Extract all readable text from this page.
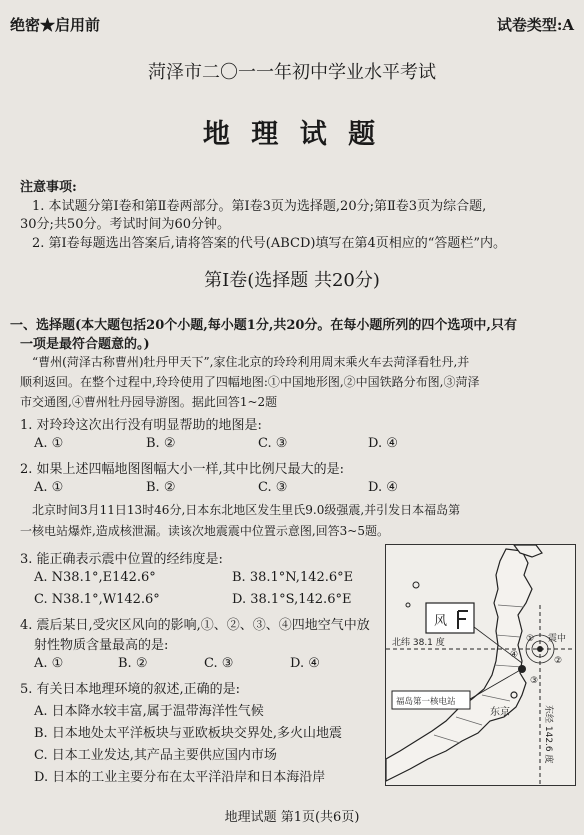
绝密★启用前	试卷类型:A
菏泽市二〇一一年初中学业水平考试
地 理 试 题
注意事项:
1. 本试题分第Ⅰ卷和第Ⅱ卷两部分。第Ⅰ卷3页为选择题,20分;第Ⅱ卷3页为综合题,
30分;共50分。考试时间为60分钟。
2. 第Ⅰ卷每题选出答案后,请将答案的代号(ABCD)填写在第4页相应的“答题栏”内。
第Ⅰ卷(选择题 共20分)
一、选择题(本大题包括20个小题,每小题1分,共20分。在每小题所列的四个选项中,只有
一项是最符合题意的。)
“曹州(菏泽古称曹州)牡丹甲天下”,家住北京的玲玲利用周末乘火车去菏泽看牡丹,并
顺利返回。在整个过程中,玲玲使用了四幅地图:①中国地形图,②中国铁路分布图,③菏泽
市交通图,④曹州牡丹园导游图。据此回答1~2题
1. 对玲玲这次出行没有明显帮助的地图是:
A. ①	B. ②	C. ③	D. ④
2. 如果上述四幅地图图幅大小一样,其中比例尺最大的是:
A. ①	B. ②	C. ③	D. ④
北京时间3月11日13时46分,日本东北地区发生里氏9.0级强震,并引发日本福岛第
一核电站爆炸,造成核泄漏。读该次地震震中位置示意图,回答3~5题。
3. 能正确表示震中位置的经纬度是:
A. N38.1°,E142.6°	B. 38.1°N,142.6°E
C. N38.1°,W142.6°	D. 38.1°S,142.6°E
4. 震后某日,受灾区风向的影响,①、②、③、④四地空气中放
射性物质含量最高的是:
A. ①	B. ②	C. ③	D. ④
5. 有关日本地理环境的叙述,正确的是:
A. 日本降水较丰富,属于温带海洋性气候
B. 日本地处太平洋板块与亚欧板块交界处,多火山地震
C. 日本工业发达,其产品主要供应国内市场
D. 日本的工业主要分布在太平洋沿岸和日本海沿岸
风
北纬 38.1 度	震中
福岛第一核电站
东京
①
②
③
④
东经 142.6 度
地理试题 第1页(共6页)
